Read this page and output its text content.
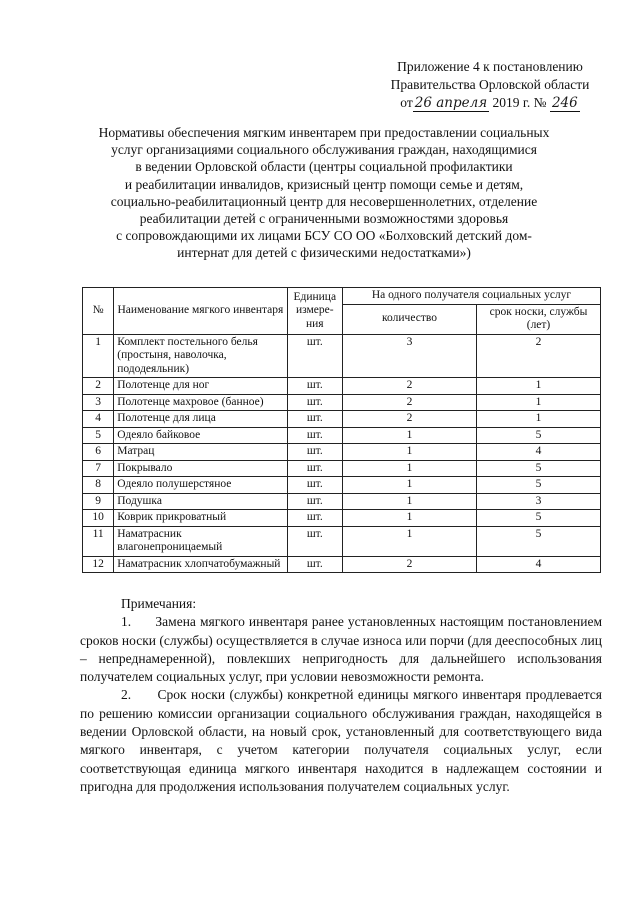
Приложение 4 к постановлению
Правительства Орловской области
от 26 апреля 2019 г. № 246
Нормативы обеспечения мягким инвентарем при предоставлении социальных
услуг организациями социального обслуживания граждан, находящимися
в ведении Орловской области (центры социальной профилактики
и реабилитации инвалидов, кризисный центр помощи семье и детям,
социально-реабилитационный центр для несовершеннолетних, отделение
реабилитации детей с ограниченными возможностями здоровья
с сопровождающими их лицами БСУ СО ОО «Болховский детский дом-
интернат для детей с физическими недостатками»)
№	Наименование мягкого инвентаря	Единица измере-ния	На одного получателя социальных услуг	
			количество	срок носки, службы (лет)
1	Комплект постельного белья (простыня, наволочка, пододеяльник)	шт.	3	2
2	Полотенце для ног	шт.	2	1
3	Полотенце махровое (банное)	шт.	2	1
4	Полотенце для лица	шт.	2	1
5	Одеяло байковое	шт.	1	5
6	Матрац	шт.	1	4
7	Покрывало	шт.	1	5
8	Одеяло полушерстяное	шт.	1	5
9	Подушка	шт.	1	3
10	Коврик прикроватный	шт.	1	5
11	Наматрасник влагонепроницаемый	шт.	1	5
12	Наматрасник хлопчатобумажный	шт.	2	4
Примечания:

1.      Замена мягкого инвентаря ранее установленных настоящим постановлением сроков носки (службы) осуществляется в случае износа или порчи (для дееспособных лиц – непреднамеренной), повлекших непригодность для дальнейшего использования получателем социальных услуг, при условии невозможности ремонта.

2.      Срок носки (службы) конкретной единицы мягкого инвентаря продлевается по решению комиссии организации социального обслуживания граждан, находящейся в ведении Орловской области, на новый срок, установленный для соответствующего вида мягкого инвентаря, с учетом категории получателя социальных услуг, если соответствующая единица мягкого инвентаря находится в надлежащем состоянии и пригодна для продолжения использования получателем социальных услуг.
